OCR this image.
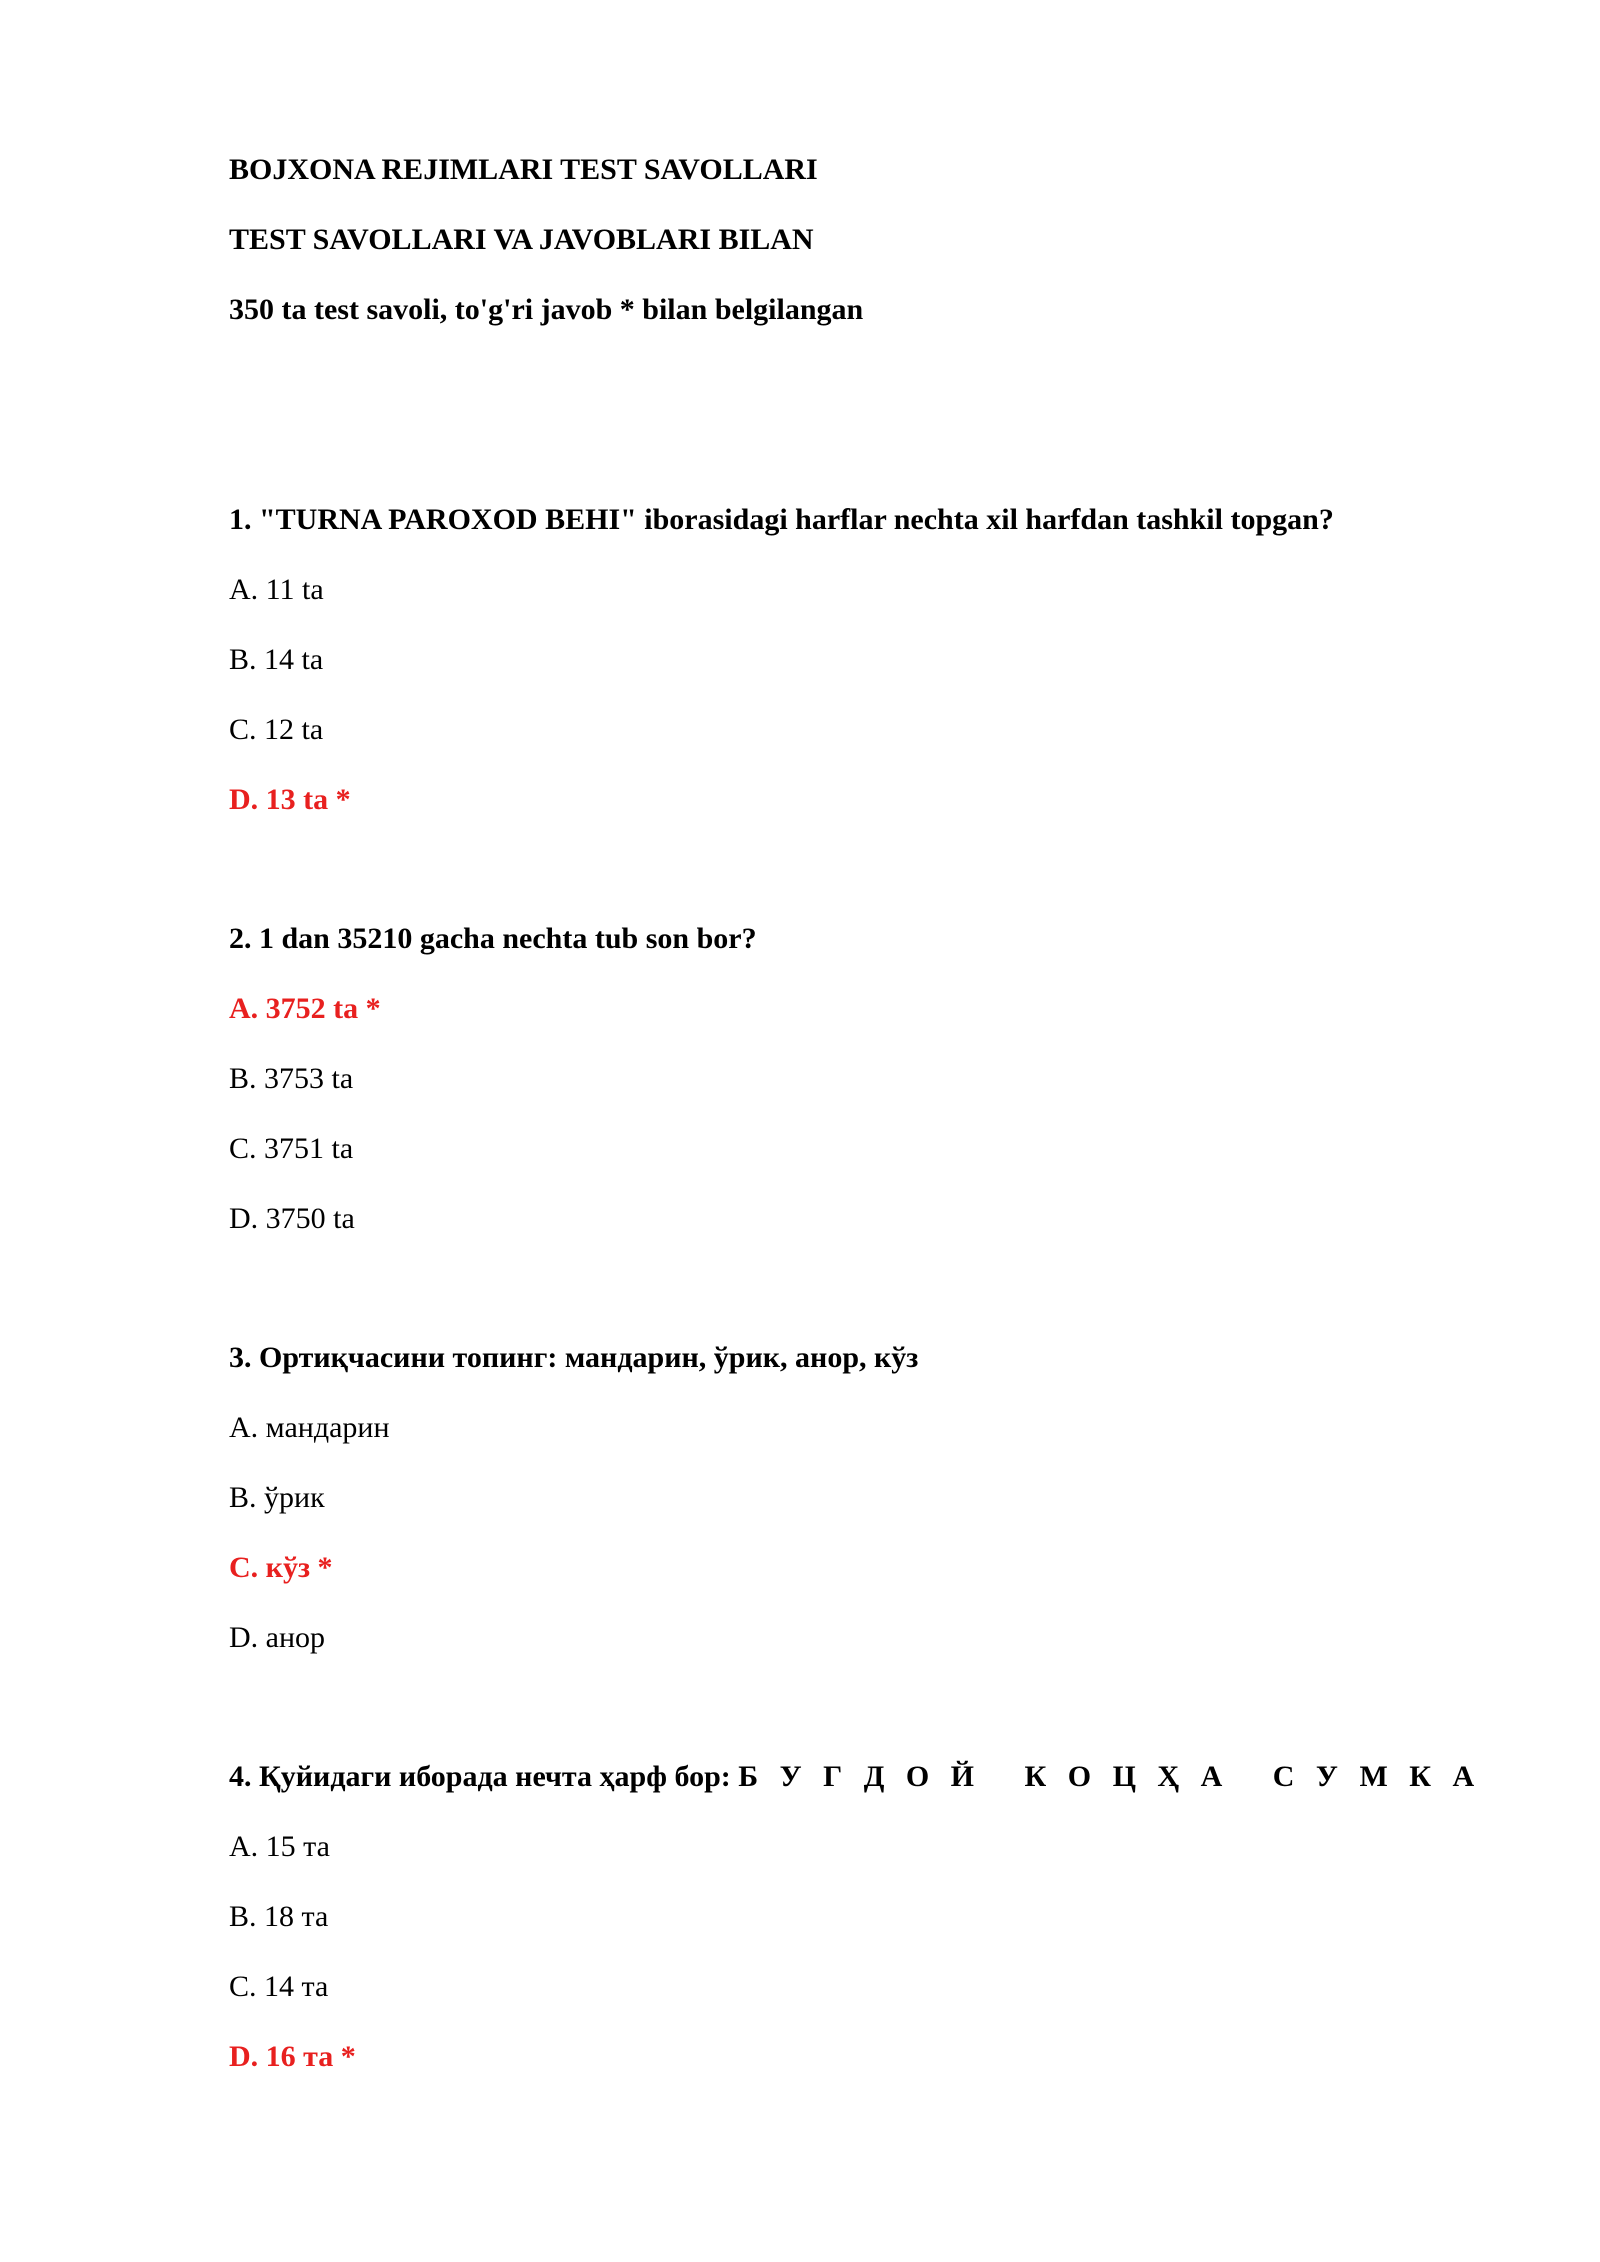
BOJXONA REJIMLARI TEST SAVOLLARI
TEST SAVOLLARI VA JAVOBLARI BILAN
350 ta test savoli, to'g'ri javob * bilan belgilangan
1. "TURNA PAROXOD BEHI" iborasidagi harflar nechta xil harfdan tashkil topgan?
A. 11 ta
B. 14 ta
C. 12 ta
D. 13 ta *
2. 1 dan 35210 gacha nechta tub son bor?
A. 3752 ta *
B. 3753 ta
C. 3751 ta
D. 3750 ta
3. Ортиқчасини топинг: мандарин, ўрик, анор, кўз
A. мандарин
B. ўрик
C. кўз *
D. анор
4. Қуйидаги иборада нечта ҳарф бор: Б У Г Д О Й   К О Ц Ҳ А   С У М К А
A. 15 та
B. 18 та
C. 14 та
D. 16 та *
